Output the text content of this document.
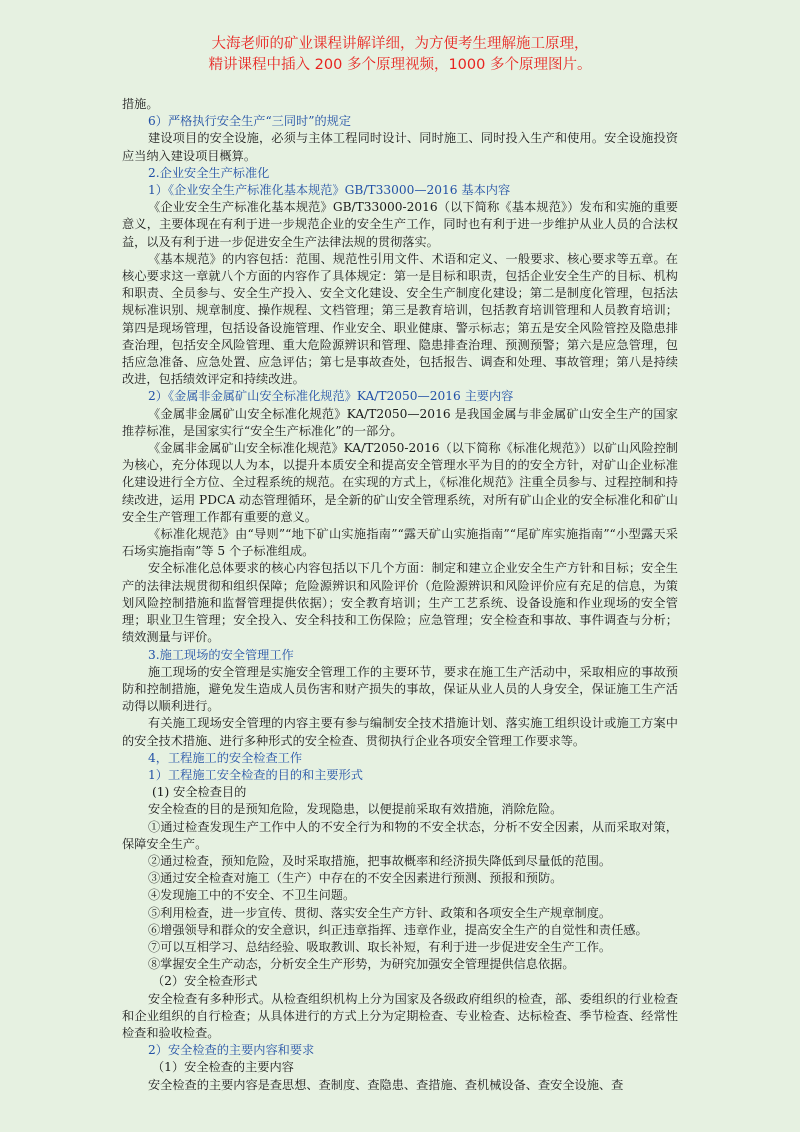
大海老师的矿业课程讲解详细，为方便考生理解施工原理，
精讲课程中插入 200 多个原理视频，1000 多个原理图片。

措施。

6）严格执行安全生产“三同时”的规定

建设项目的安全设施，必须与主体工程同时设计、同时施工、同时投入生产和使用。安全设施投资应当纳入建设项目概算。

2.企业安全生产标准化

1）《企业安全生产标准化基本规范》GB/T33000—2016 基本内容

《企业安全生产标准化基本规范》GB/T33000-2016（以下简称《基本规范》）发布和实施的重要意义，主要体现在有利于进一步规范企业的安全生产工作，同时也有利于进一步维护从业人员的合法权益，以及有利于进一步促进安全生产法律法规的贯彻落实。

《基本规范》的内容包括：范围、规范性引用文件、术语和定义、一般要求、核心要求等五章。在核心要求这一章就八个方面的内容作了具体规定：第一是目标和职责，包括企业安全生产的目标、机构和职责、全员参与、安全生产投入、安全文化建设、安全生产制度化建设；第二是制度化管理，包括法规标准识别、规章制度、操作规程、文档管理；第三是教育培训，包括教育培训管理和人员教育培训；第四是现场管理，包括设备设施管理、作业安全、职业健康、警示标志；第五是安全风险管控及隐患排查治理，包括安全风险管理、重大危险源辨识和管理、隐患排查治理、预测预警；第六是应急管理，包括应急准备、应急处置、应急评估；第七是事故查处，包括报告、调查和处理、事故管理；第八是持续改进，包括绩效评定和持续改进。

2）《金属非金属矿山安全标准化规范》KA/T2050—2016 主要内容

《金属非金属矿山安全标准化规范》KA/T2050—2016 是我国金属与非金属矿山安全生产的国家推荐标准，是国家实行“安全生产标准化”的一部分。

《金属非金属矿山安全标准化规范》KA/T2050-2016（以下简称《标准化规范》）以矿山风险控制为核心，充分体现以人为本，以提升本质安全和提高安全管理水平为目的的安全方针，对矿山企业标准化建设进行全方位、全过程系统的规范。在实现的方式上，《标准化规范》注重全员参与、过程控制和持续改进，运用 PDCA 动态管理循环，是全新的矿山安全管理系统，对所有矿山企业的安全标准化和矿山安全生产管理工作都有重要的意义。

《标准化规范》由“导则”“地下矿山实施指南”“露天矿山实施指南”“尾矿库实施指南”“小型露天采石场实施指南”等 5 个子标准组成。

安全标准化总体要求的核心内容包括以下几个方面：制定和建立企业安全生产方针和目标；安全生产的法律法规贯彻和组织保障；危险源辨识和风险评价（危险源辨识和风险评价应有充足的信息，为策划风险控制措施和监督管理提供依据）；安全教育培训；生产工艺系统、设备设施和作业现场的安全管理；职业卫生管理；安全投入、安全科技和工伤保险；应急管理；安全检查和事故、事件调查与分析；绩效测量与评价。

3.施工现场的安全管理工作

施工现场的安全管理是实施安全管理工作的主要环节，要求在施工生产活动中，采取相应的事故预防和控制措施，避免发生造成人员伤害和财产损失的事故，保证从业人员的人身安全，保证施工生产活动得以顺利进行。

有关施工现场安全管理的内容主要有参与编制安全技术措施计划、落实施工组织设计或施工方案中的安全技术措施、进行多种形式的安全检查、贯彻执行企业各项安全管理工作要求等。

4，工程施工的安全检查工作

1）工程施工安全检查的目的和主要形式

(1) 安全检查目的

安全检查的目的是预知危险，发现隐患，以便提前采取有效措施，消除危险。

①通过检查发现生产工作中人的不安全行为和物的不安全状态，分析不安全因素，从而采取对策，保障安全生产。

②通过检查，预知危险，及时采取措施，把事故概率和经济损失降低到尽量低的范围。

③通过安全检查对施工（生产）中存在的不安全因素进行预测、预报和预防。

④发现施工中的不安全、不卫生问题。

⑤利用检查，进一步宣传、贯彻、落实安全生产方针、政策和各项安全生产规章制度。

⑥增强领导和群众的安全意识，纠正违章指挥、违章作业，提高安全生产的自觉性和责任感。

⑦可以互相学习、总结经验、吸取教训、取长补短，有利于进一步促进安全生产工作。

⑧掌握安全生产动态，分析安全生产形势，为研究加强安全管理提供信息依据。

（2）安全检查形式

安全检查有多种形式。从检查组织机构上分为国家及各级政府组织的检查，部、委组织的行业检查和企业组织的自行检查；从具体进行的方式上分为定期检查、专业检查、达标检查、季节检查、经常性检查和验收检查。

2）安全检查的主要内容和要求

（1）安全检查的主要内容

安全检查的主要内容是查思想、查制度、查隐患、查措施、查机械设备、查安全设施、查
